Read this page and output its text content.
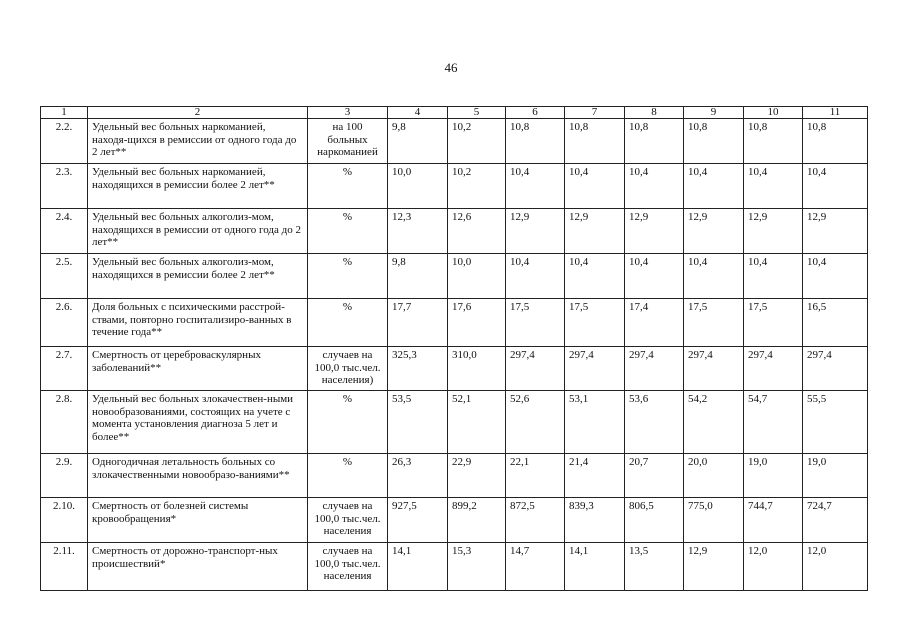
46
1	2	3	4	5	6	7	8	9	10	11
2.2.	Удельный вес больных наркоманией, находя-щихся в ремиссии от одного года до 2 лет**	на 100 больных наркоманией	9,8	10,2	10,8	10,8	10,8	10,8	10,8	10,8
2.3.	Удельный вес больных наркоманией, находящихся в ремиссии более 2 лет**	%	10,0	10,2	10,4	10,4	10,4	10,4	10,4	10,4
2.4.	Удельный вес больных алкоголиз-мом, находящихся в ремиссии от одного года до 2 лет**	%	12,3	12,6	12,9	12,9	12,9	12,9	12,9	12,9
2.5.	Удельный вес больных алкоголиз-мом, находящихся в ремиссии более 2 лет**	%	9,8	10,0	10,4	10,4	10,4	10,4	10,4	10,4
2.6.	Доля больных с психическими расстрой-ствами, повторно госпитализиро-ванных в течение года**	%	17,7	17,6	17,5	17,5	17,4	17,5	17,5	16,5
2.7.	Смертность от цереброваскулярных заболеваний**	случаев на 100,0 тыс.чел. населения)	325,3	310,0	297,4	297,4	297,4	297,4	297,4	297,4
2.8.	Удельный вес больных злокачествен-ными новообразованиями, состоящих на учете с момента установления диагноза 5 лет и более**	%	53,5	52,1	52,6	53,1	53,6	54,2	54,7	55,5
2.9.	Одногодичная летальность больных со злокачественными новообразо-ваниями**	%	26,3	22,9	22,1	21,4	20,7	20,0	19,0	19,0
2.10.	Смертность от болезней системы кровообращения*	случаев на 100,0 тыс.чел. населения	927,5	899,2	872,5	839,3	806,5	775,0	744,7	724,7
2.11.	Смертность от дорожно-транспорт-ных происшествий*	случаев на 100,0 тыс.чел. населения	14,1	15,3	14,7	14,1	13,5	12,9	12,0	12,0
